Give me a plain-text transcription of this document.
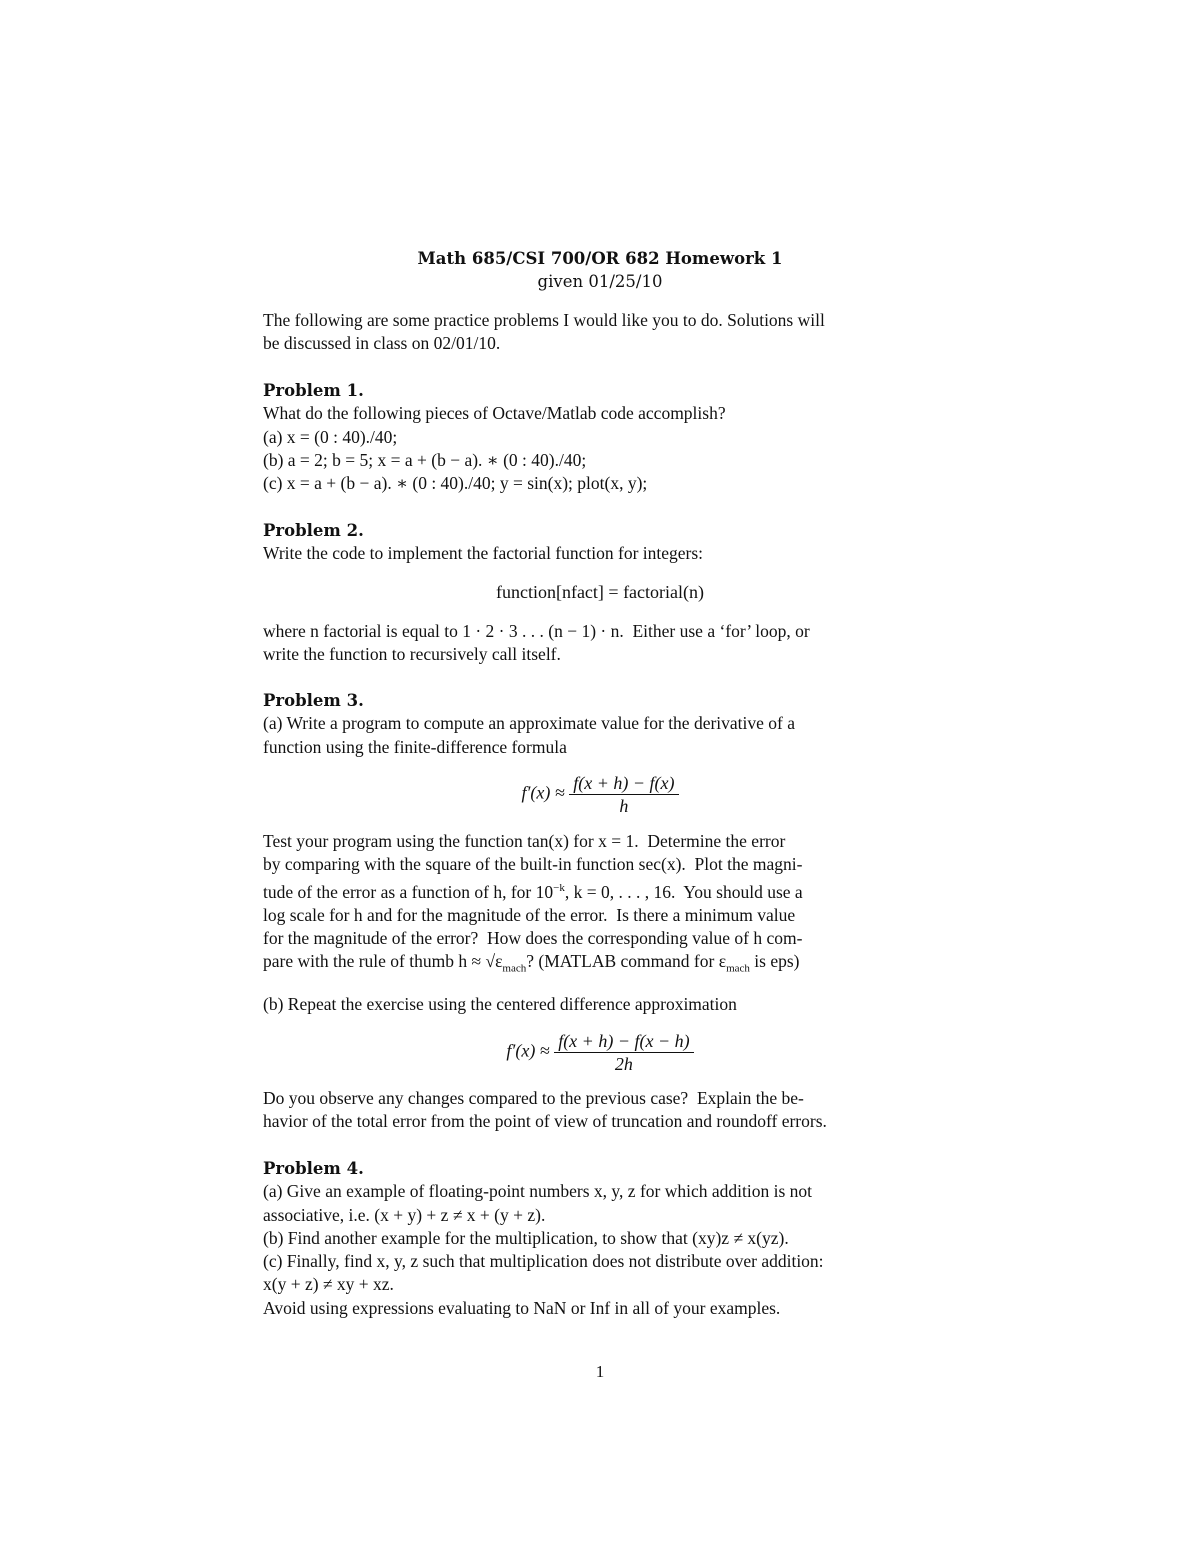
Math 685/CSI 700/OR 682 Homework 1
given 01/25/10
The following are some practice problems I would like you to do. Solutions will
be discussed in class on 02/01/10.
Problem 1.
What do the following pieces of Octave/Matlab code accomplish?
(a) x = (0 : 40)./40;
(b) a = 2; b = 5; x = a + (b − a). ∗ (0 : 40)./40;
(c) x = a + (b − a). ∗ (0 : 40)./40; y = sin(x); plot(x, y);
Problem 2.
Write the code to implement the factorial function for integers:
function[nfact] = factorial(n)
where n factorial is equal to 1 · 2 · 3 . . . (n − 1) · n.  Either use a ‘for’ loop, or
write the function to recursively call itself.
Problem 3.
(a) Write a program to compute an approximate value for the derivative of a
function using the finite-difference formula
$f'(x) \approx \frac{f(x + h) - f(x)}{h}$
Test your program using the function tan(x) for x = 1.  Determine the error
by comparing with the square of the built-in function sec(x).  Plot the magni-
tude of the error as a function of h, for $10^{-k}$, k = 0, . . . , 16.  You should use a
log scale for h and for the magnitude of the error.  Is there a minimum value
for the magnitude of the error?  How does the corresponding value of h com-
pare with the rule of thumb $h \approx √\varepsilon_{mach}$? (MATLAB command for $\varepsilon_{mach}$ is eps)
(b) Repeat the exercise using the centered difference approximation
$f'(x) \approx \frac{f(x + h) - f(x - h)}{2h}$
Do you observe any changes compared to the previous case?  Explain the be-
havior of the total error from the point of view of truncation and roundoff errors.
Problem 4.
(a) Give an example of floating-point numbers x, y, z for which addition is not
associative, i.e. (x + y) + z ≠ x + (y + z).
(b) Find another example for the multiplication, to show that (xy)z ≠ x(yz).
(c) Finally, find x, y, z such that multiplication does not distribute over addition:
x(y + z) ≠ xy + xz.
Avoid using expressions evaluating to NaN or Inf in all of your examples.
1
